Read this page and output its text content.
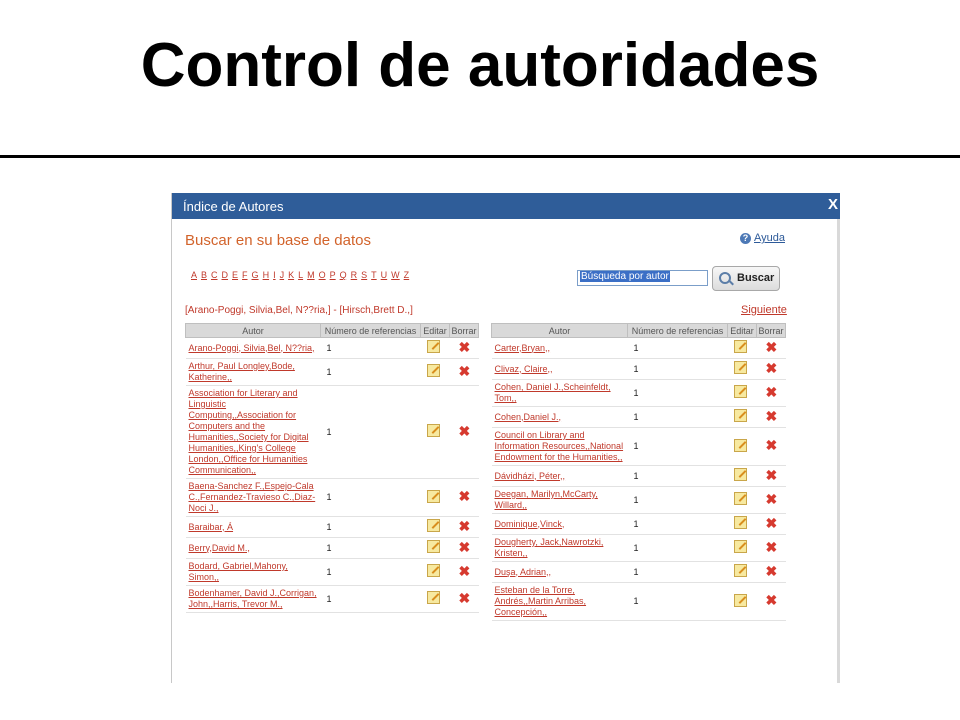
Control de autoridades
Índice de Autores	X
Buscar en su base de datos	? Ayuda
A B C D E F G H I J K L M O P Q R S T U W Z	Búsqueda por autor	Buscar
[Arano-Poggi, Silvia,Bel, N??ria,] - [Hirsch,Brett D.,]	Siguiente
Autor	Número de referencias	Editar	Borrar
Arano-Poggi, Silvia,Bel, N??ria,	1		✖
Arthur, Paul Longley,Bode, Katherine,,	1		✖
Association for Literary and Linguistic Computing,,Association for Computers and the Humanities,,Society for Digital Humanities,,King's College London,,Office for Humanities Communication,,	1		✖
Baena-Sanchez F.,Espejo-Cala C.,Fernandez-Travieso C.,Diaz-Noci J.,	1		✖
Baraibar, Á	1		✖
Berry,David M.,	1		✖
Bodard, Gabriel,Mahony, Simon,,	1		✖
Bodenhamer, David J.,Corrigan, John,,Harris, Trevor M.,	1		✖
Autor	Número de referencias	Editar	Borrar
Carter,Bryan,,	1		✖
Clivaz, Claire,,	1		✖
Cohen, Daniel J.,Scheinfeldt, Tom,,	1		✖
Cohen,Daniel J.,	1		✖
Council on Library and Information Resources,,National Endowment for the Humanities,,	1		✖
Dávidházi, Péter,,	1		✖
Deegan, Marilyn,McCarty, Willard,,	1		✖
Dominique,Vinck,	1		✖
Dougherty, Jack,Nawrotzki, Kristen,,	1		✖
Duşa, Adrian,,	1		✖
Esteban de la Torre, Andrés,,Martin Arribas, Concepción,,	1		✖
